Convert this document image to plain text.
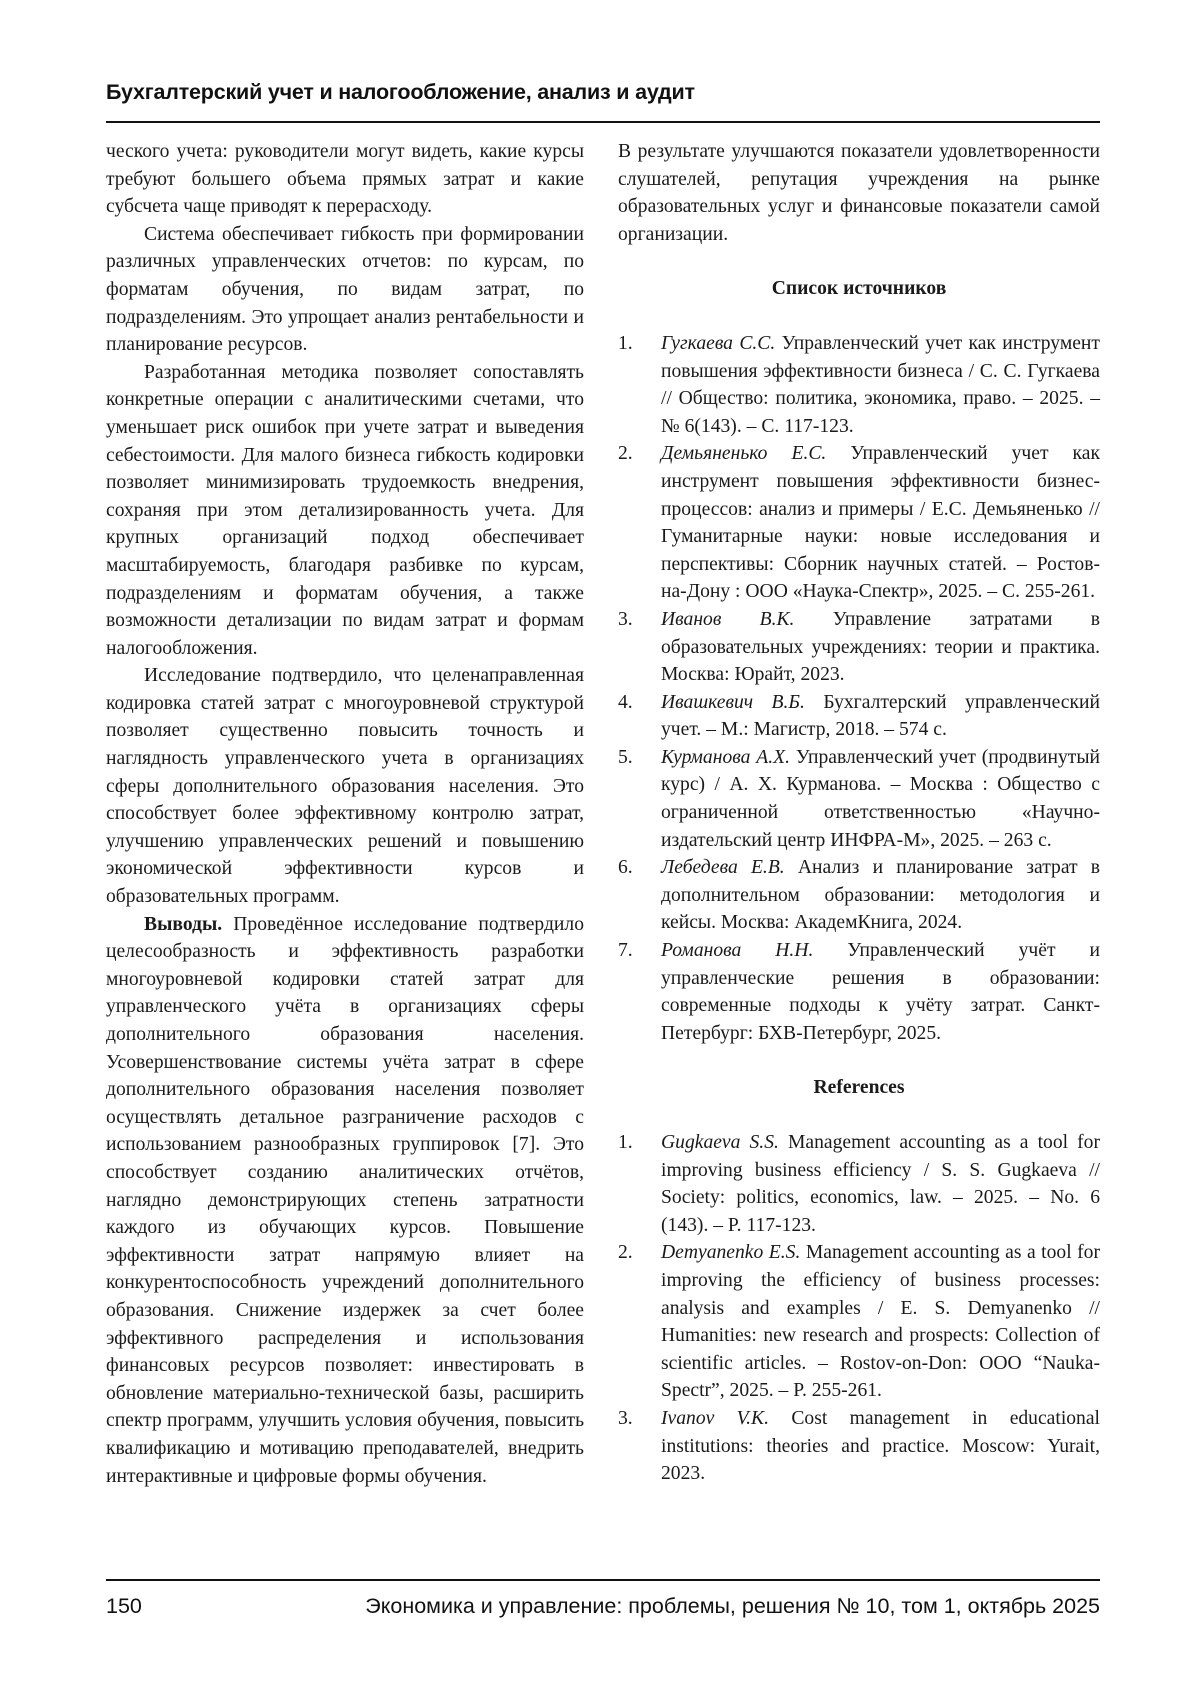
Бухгалтерский учет и налогообложение, анализ и аудит

ческого учета: руководители могут видеть, какие курсы требуют большего объема прямых затрат и какие субсчета чаще приводят к перерасходу.

Система обеспечивает гибкость при формировании различных управленческих отчетов: по курсам, по форматам обучения, по видам затрат, по подразделениям. Это упрощает анализ рентабельности и планирование ресурсов.

Разработанная методика позволяет сопоставлять конкретные операции с аналитическими счетами, что уменьшает риск ошибок при учете затрат и выведения себестоимости. Для малого бизнеса гибкость кодировки позволяет минимизировать трудоемкость внедрения, сохраняя при этом детализированность учета. Для крупных организаций подход обеспечивает масштабируемость, благодаря разбивке по курсам, подразделениям и форматам обучения, а также возможности детализации по видам затрат и формам налогообложения.

Исследование подтвердило, что целенаправленная кодировка статей затрат с многоуровневой структурой позволяет существенно повысить точность и наглядность управленческого учета в организациях сферы дополнительного образования населения. Это способствует более эффективному контролю затрат, улучшению управленческих решений и повышению экономической эффективности курсов и образовательных программ.

Выводы. Проведённое исследование подтвердило целесообразность и эффективность разработки многоуровневой кодировки статей затрат для управленческого учёта в организациях сферы дополнительного образования населения. Усовершенствование системы учёта затрат в сфере дополнительного образования населения позволяет осуществлять детальное разграничение расходов с использованием разнообразных группировок [7]. Это способствует созданию аналитических отчётов, наглядно демонстрирующих степень затратности каждого из обучающих курсов. Повышение эффективности затрат напрямую влияет на конкурентоспособность учреждений дополнительного образования. Снижение издержек за счет более эффективного распределения и использования финансовых ресурсов позволяет: инвестировать в обновление материально-технической базы, расширить спектр программ, улучшить условия обучения, повысить квалификацию и мотивацию преподавателей, внедрить интерактивные и цифровые формы обучения.

В результате улучшаются показатели удовлетворенности слушателей, репутация учреждения на рынке образовательных услуг и финансовые показатели самой организации.

Список источников
1. Гугкаева С.С. Управленческий учет как инструмент повышения эффективности бизнеса / С. С. Гугкаева // Общество: политика, экономика, право. – 2025. – № 6(143). – С. 117-123.
2. Демьяненько Е.С. Управленческий учет как инструмент повышения эффективности бизнес-процессов: анализ и примеры / Е.С. Демьяненько // Гуманитарные науки: новые исследования и перспективы: Сборник научных статей. – Ростов-на-Дону : ООО «Наука-Спектр», 2025. – С. 255-261.
3. Иванов В.К. Управление затратами в образовательных учреждениях: теории и практика. Москва: Юрайт, 2023.
4. Ивашкевич В.Б. Бухгалтерский управленческий учет. – М.: Магистр, 2018. – 574 с.
5. Курманова А.Х. Управленческий учет (продвинутый курс) / А. Х. Курманова. – Москва : Общество с ограниченной ответственностью «Научно-издательский центр ИНФРА-М», 2025. – 263 с.
6. Лебедева Е.В. Анализ и планирование затрат в дополнительном образовании: методология и кейсы. Москва: АкадемКнига, 2024.
7. Романова Н.Н. Управленческий учёт и управленческие решения в образовании: современные подходы к учёту затрат. Санкт-Петербург: БХВ-Петербург, 2025.
References
1. Gugkaeva S.S. Management accounting as a tool for improving business efficiency / S. S. Gugkaeva // Society: politics, economics, law. – 2025. – No. 6 (143). – P. 117-123.
2. Demyanenko E.S. Management accounting as a tool for improving the efficiency of business processes: analysis and examples / E. S. Demyanenko // Humanities: new research and prospects: Collection of scientific articles. – Rostov-on-Don: OOO “Nauka-Spectr”, 2025. – P. 255-261.
3. Ivanov V.K. Cost management in educational institutions: theories and practice. Moscow: Yurait, 2023.
150	Экономика и управление: проблемы, решения № 10, том 1, октябрь 2025
